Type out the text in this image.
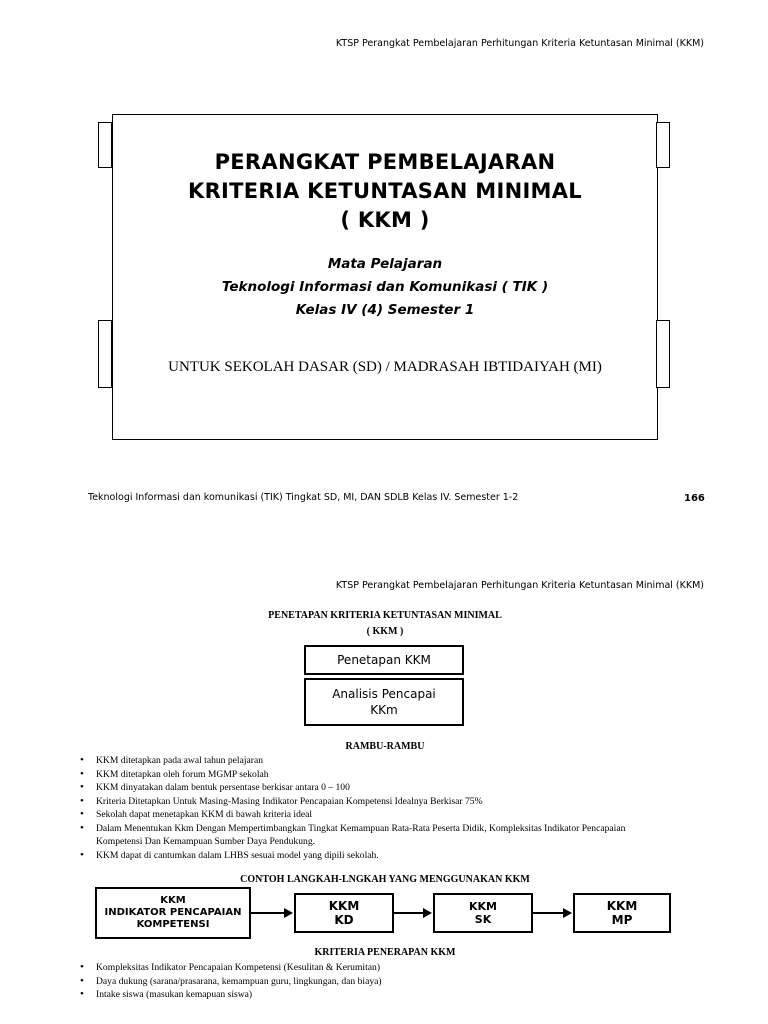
KTSP Perangkat Pembelajaran Perhitungan Kriteria Ketuntasan Minimal (KKM)
PERANGKAT PEMBELAJARAN
KRITERIA KETUNTASAN MINIMAL
( KKM )
Mata Pelajaran
Teknologi Informasi dan Komunikasi ( TIK )
Kelas IV (4) Semester 1
UNTUK SEKOLAH DASAR (SD) / MADRASAH IBTIDAIYAH (MI)
Teknologi Informasi dan komunikasi (TIK) Tingkat SD, MI, DAN SDLB Kelas IV. Semester 1-2	166
KTSP Perangkat Pembelajaran Perhitungan Kriteria Ketuntasan Minimal (KKM)
PENETAPAN KRITERIA KETUNTASAN MINIMAL
( KKM )
Penetapan KKM
Analisis Pencapai
KKm
RAMBU-RAMBU
• KKM ditetapkan pada awal tahun pelajaran
• KKM ditetapkan oleh forum MGMP sekolah
• KKM dinyatakan dalam bentuk persentase berkisar antara 0 – 100
• Kriteria Ditetapkan Untuk Masing-Masing Indikator Pencapaian Kompetensi Idealnya Berkisar 75%
• Sekolah dapat menetapkan KKM di bawah kriteria ideal
• Dalam Menentukan Kkm Dengan Mempertimbangkan Tingkat Kemampuan Rata-Rata Peserta Didik, Kompleksitas Indikator Pencapaian Kompetensi Dan Kemampuan Sumber Daya Pendukung.
• KKM dapat di cantumkan dalam LHBS sesuai model yang dipili sekolah.
CONTOH LANGKAH-LNGKAH YANG MENGGUNAKAN KKM
KKM
INDIKATOR PENCAPAIAN
KOMPETENSI
KKM
KD
KKM
SK
KKM
MP
KRITERIA PENERAPAN KKM
• Kompleksitas Indikator Pencapaian Kompetensi (Kesulitan & Kerumitan)
• Daya dukung (sarana/prasarana, kemampuan guru, lingkungan, dan biaya)
• Intake siswa (masukan kemapuan siswa)
